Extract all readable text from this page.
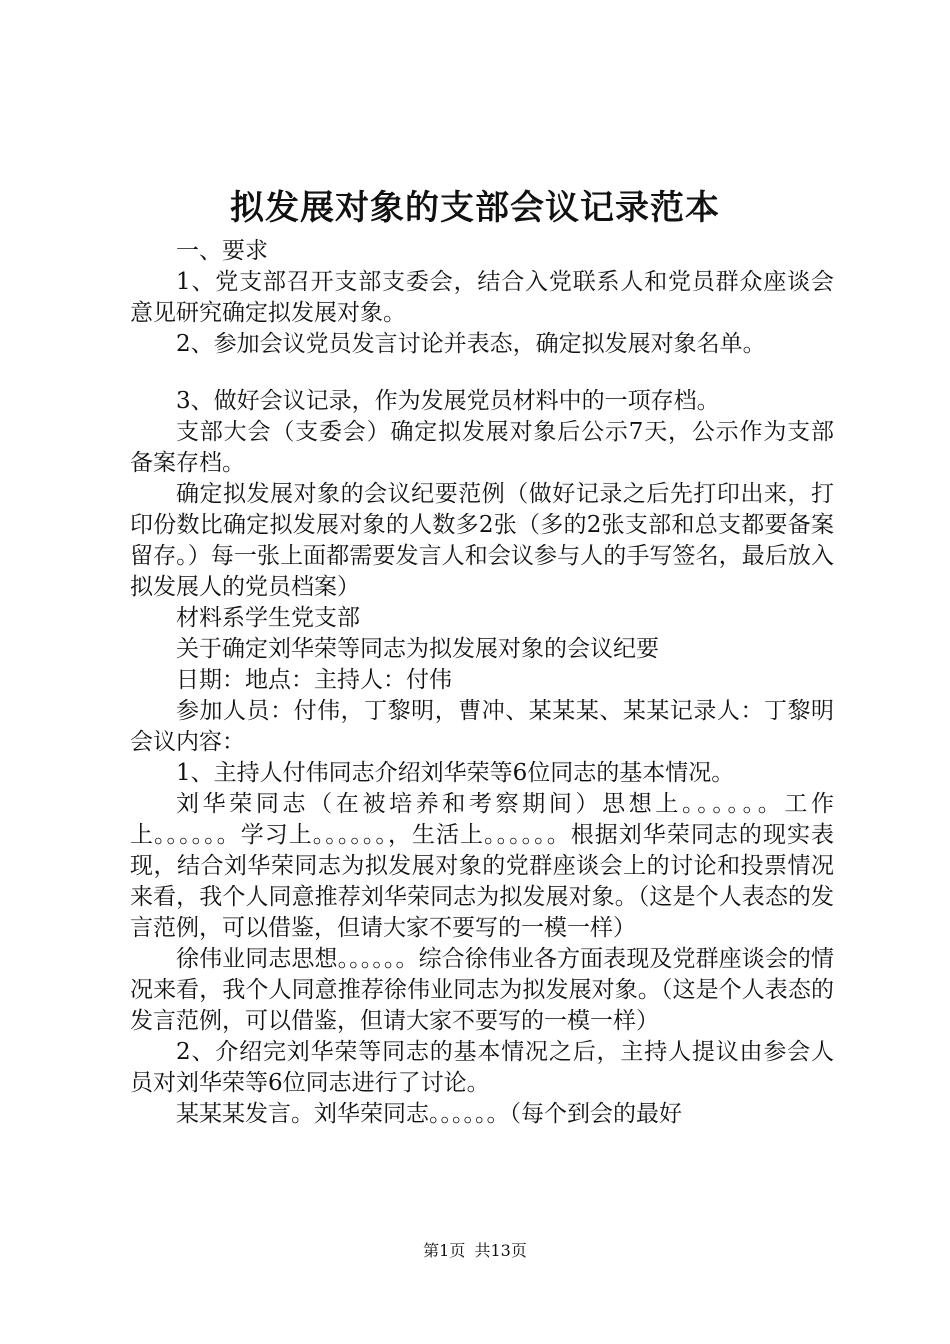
拟发展对象的支部会议记录范本

一、要求

1、党支部召开支部支委会，结合入党联系人和党员群众座谈会意见研究确定拟发展对象。

2、参加会议党员发言讨论并表态，确定拟发展对象名单。

3、做好会议记录，作为发展党员材料中的一项存档。

支部大会（支委会）确定拟发展对象后公示7天，公示作为支部备案存档。

确定拟发展对象的会议纪要范例（做好记录之后先打印出来，打印份数比确定拟发展对象的人数多2张（多的2张支部和总支都要备案留存。）每一张上面都需要发言人和会议参与人的手写签名，最后放入拟发展人的党员档案）

材料系学生党支部

关于确定刘华荣等同志为拟发展对象的会议纪要

日期：地点：主持人：付伟

参加人员：付伟，丁黎明，曹冲、某某某、某某记录人：丁黎明会议内容：

1、主持人付伟同志介绍刘华荣等6位同志的基本情况。

刘华荣同志（在被培养和考察期间）思想上。。。。。。工作上。。。。。。学习上。。。。。。，生活上。。。。。。根据刘华荣同志的现实表现，结合刘华荣同志为拟发展对象的党群座谈会上的讨论和投票情况来看，我个人同意推荐刘华荣同志为拟发展对象。（这是个人表态的发言范例，可以借鉴，但请大家不要写的一模一样）

徐伟业同志思想。。。。。。综合徐伟业各方面表现及党群座谈会的情况来看，我个人同意推荐徐伟业同志为拟发展对象。（这是个人表态的发言范例，可以借鉴，但请大家不要写的一模一样）

2、介绍完刘华荣等同志的基本情况之后，主持人提议由参会人员对刘华荣等6位同志进行了讨论。

某某某发言。刘华荣同志。。。。。。（每个到会的最好

第1页 共13页
